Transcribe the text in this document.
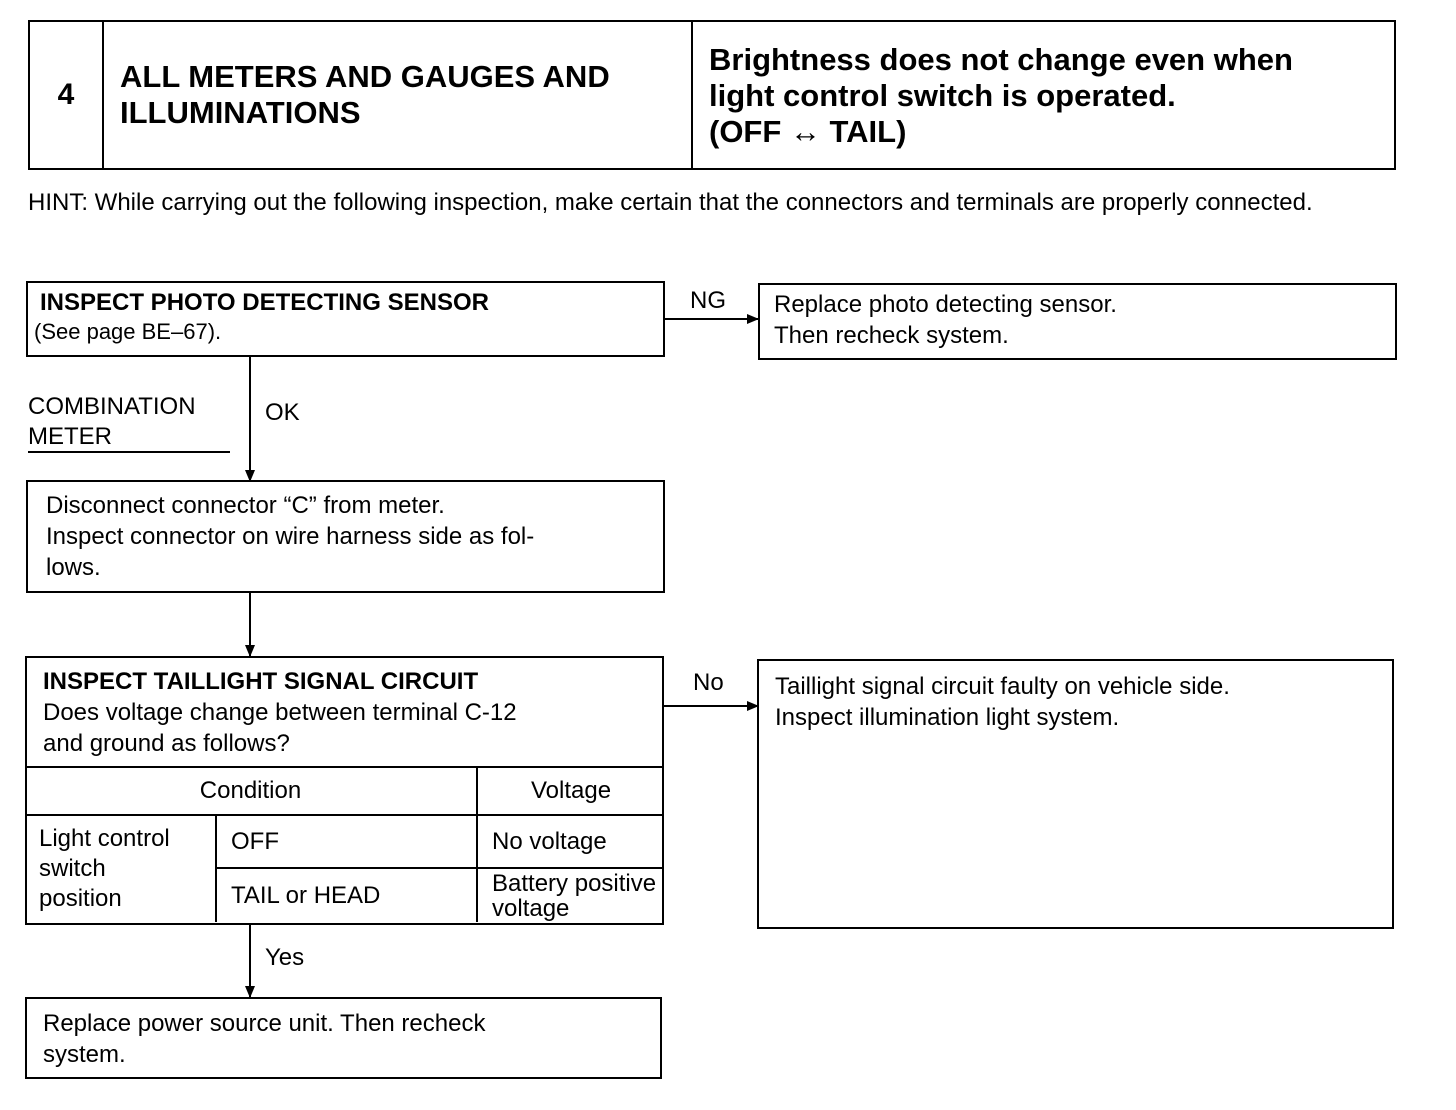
4
ALL METERS AND GAUGES AND ILLUMINATIONS
Brightness does not change even when
light control switch is operated.
(OFF ↔ TAIL)
HINT: While carrying out the following inspection, make certain that the connectors and terminals are properly connected.
INSPECT PHOTO DETECTING SENSOR
(See page BE–67).
NG Replace photo detecting sensor.
Then recheck system.
COMBINATION
METER
OK
Disconnect connector “C” from meter.
Inspect connector on wire harness side as fol-
lows.
INSPECT TAILLIGHT SIGNAL CIRCUIT
Does voltage change between terminal C-12
and ground as follows?
Condition		Voltage

Light control
switch
position	OFF	No voltage
	TAIL or HEAD	Battery positive
voltage
No Taillight signal circuit faulty on vehicle side.
Inspect illumination light system.
Yes
Replace power source unit. Then recheck
system.
